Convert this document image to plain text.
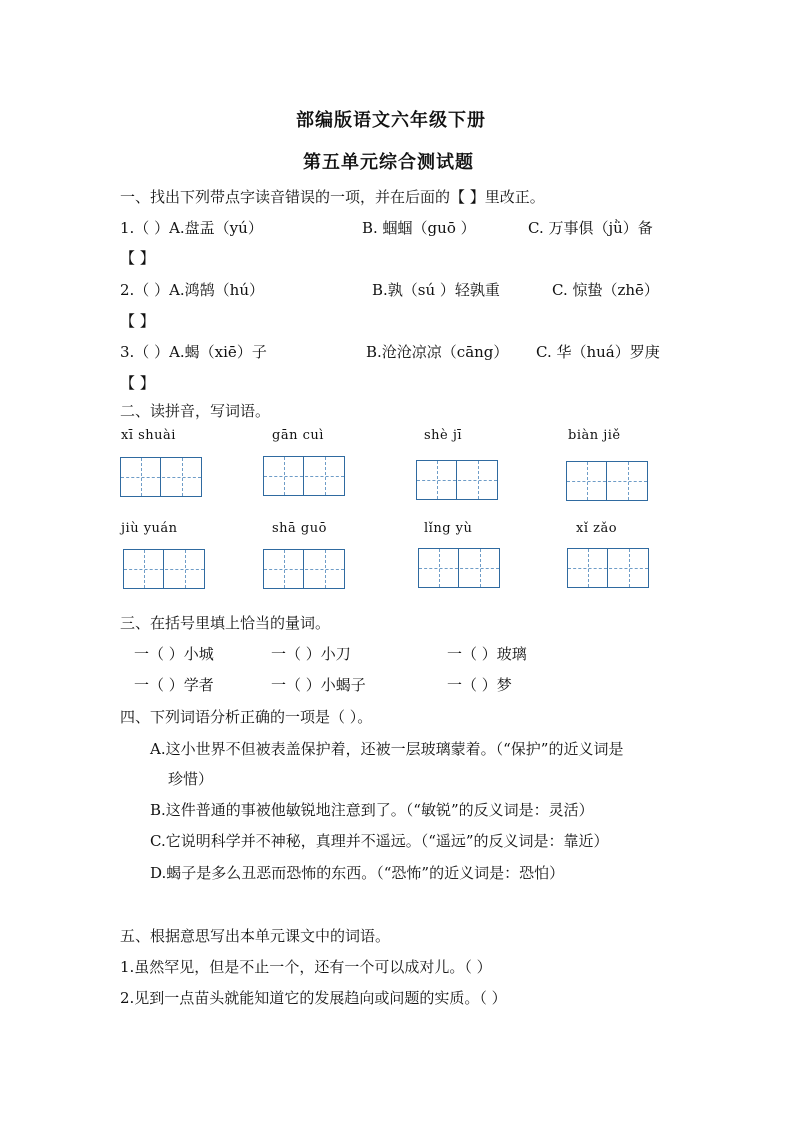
部编版语文六年级下册
第五单元综合测试题
一、找出下列带点字读音错误的一项，并在后面的【 】里改正。
1.（ ）A.盘盂（yú）	B. 蝈蝈（guō ）	C. 万事俱（jǜ）备
【 】
2.（ ）A.鸿鹄（hú）	B.孰（sú ）轻孰重	C. 惊蛰（zhē）
【 】
3.（ ）A.蝎（xiē）子	B.沧沧凉凉（cāng） C. 华（huá）罗庚
【 】
二、读拼音，写词语。
xī shuài	gān cuì	shè jī	biàn jiě
jiù yuán	shā guō	lǐng yù	xǐ zǎo
三、在括号里填上恰当的量词。
一（ ）小城	一（ ）小刀	一（ ）玻璃
一（ ）学者	一（ ）小蝎子	一（ ）梦
四、下列词语分析正确的一项是（ ）。
A.这小世界不但被表盖保护着，还被一层玻璃蒙着。（“保护”的近义词是
珍惜）
B.这件普通的事被他敏锐地注意到了。（“敏锐”的反义词是：灵活）
C.它说明科学并不神秘，真理并不遥远。（“遥远”的反义词是：靠近）
D.蝎子是多么丑恶而恐怖的东西。（“恐怖”的近义词是：恐怕）
五、根据意思写出本单元课文中的词语。
1.虽然罕见，但是不止一个，还有一个可以成对儿。（ ）
2.见到一点苗头就能知道它的发展趋向或问题的实质。（ ）
